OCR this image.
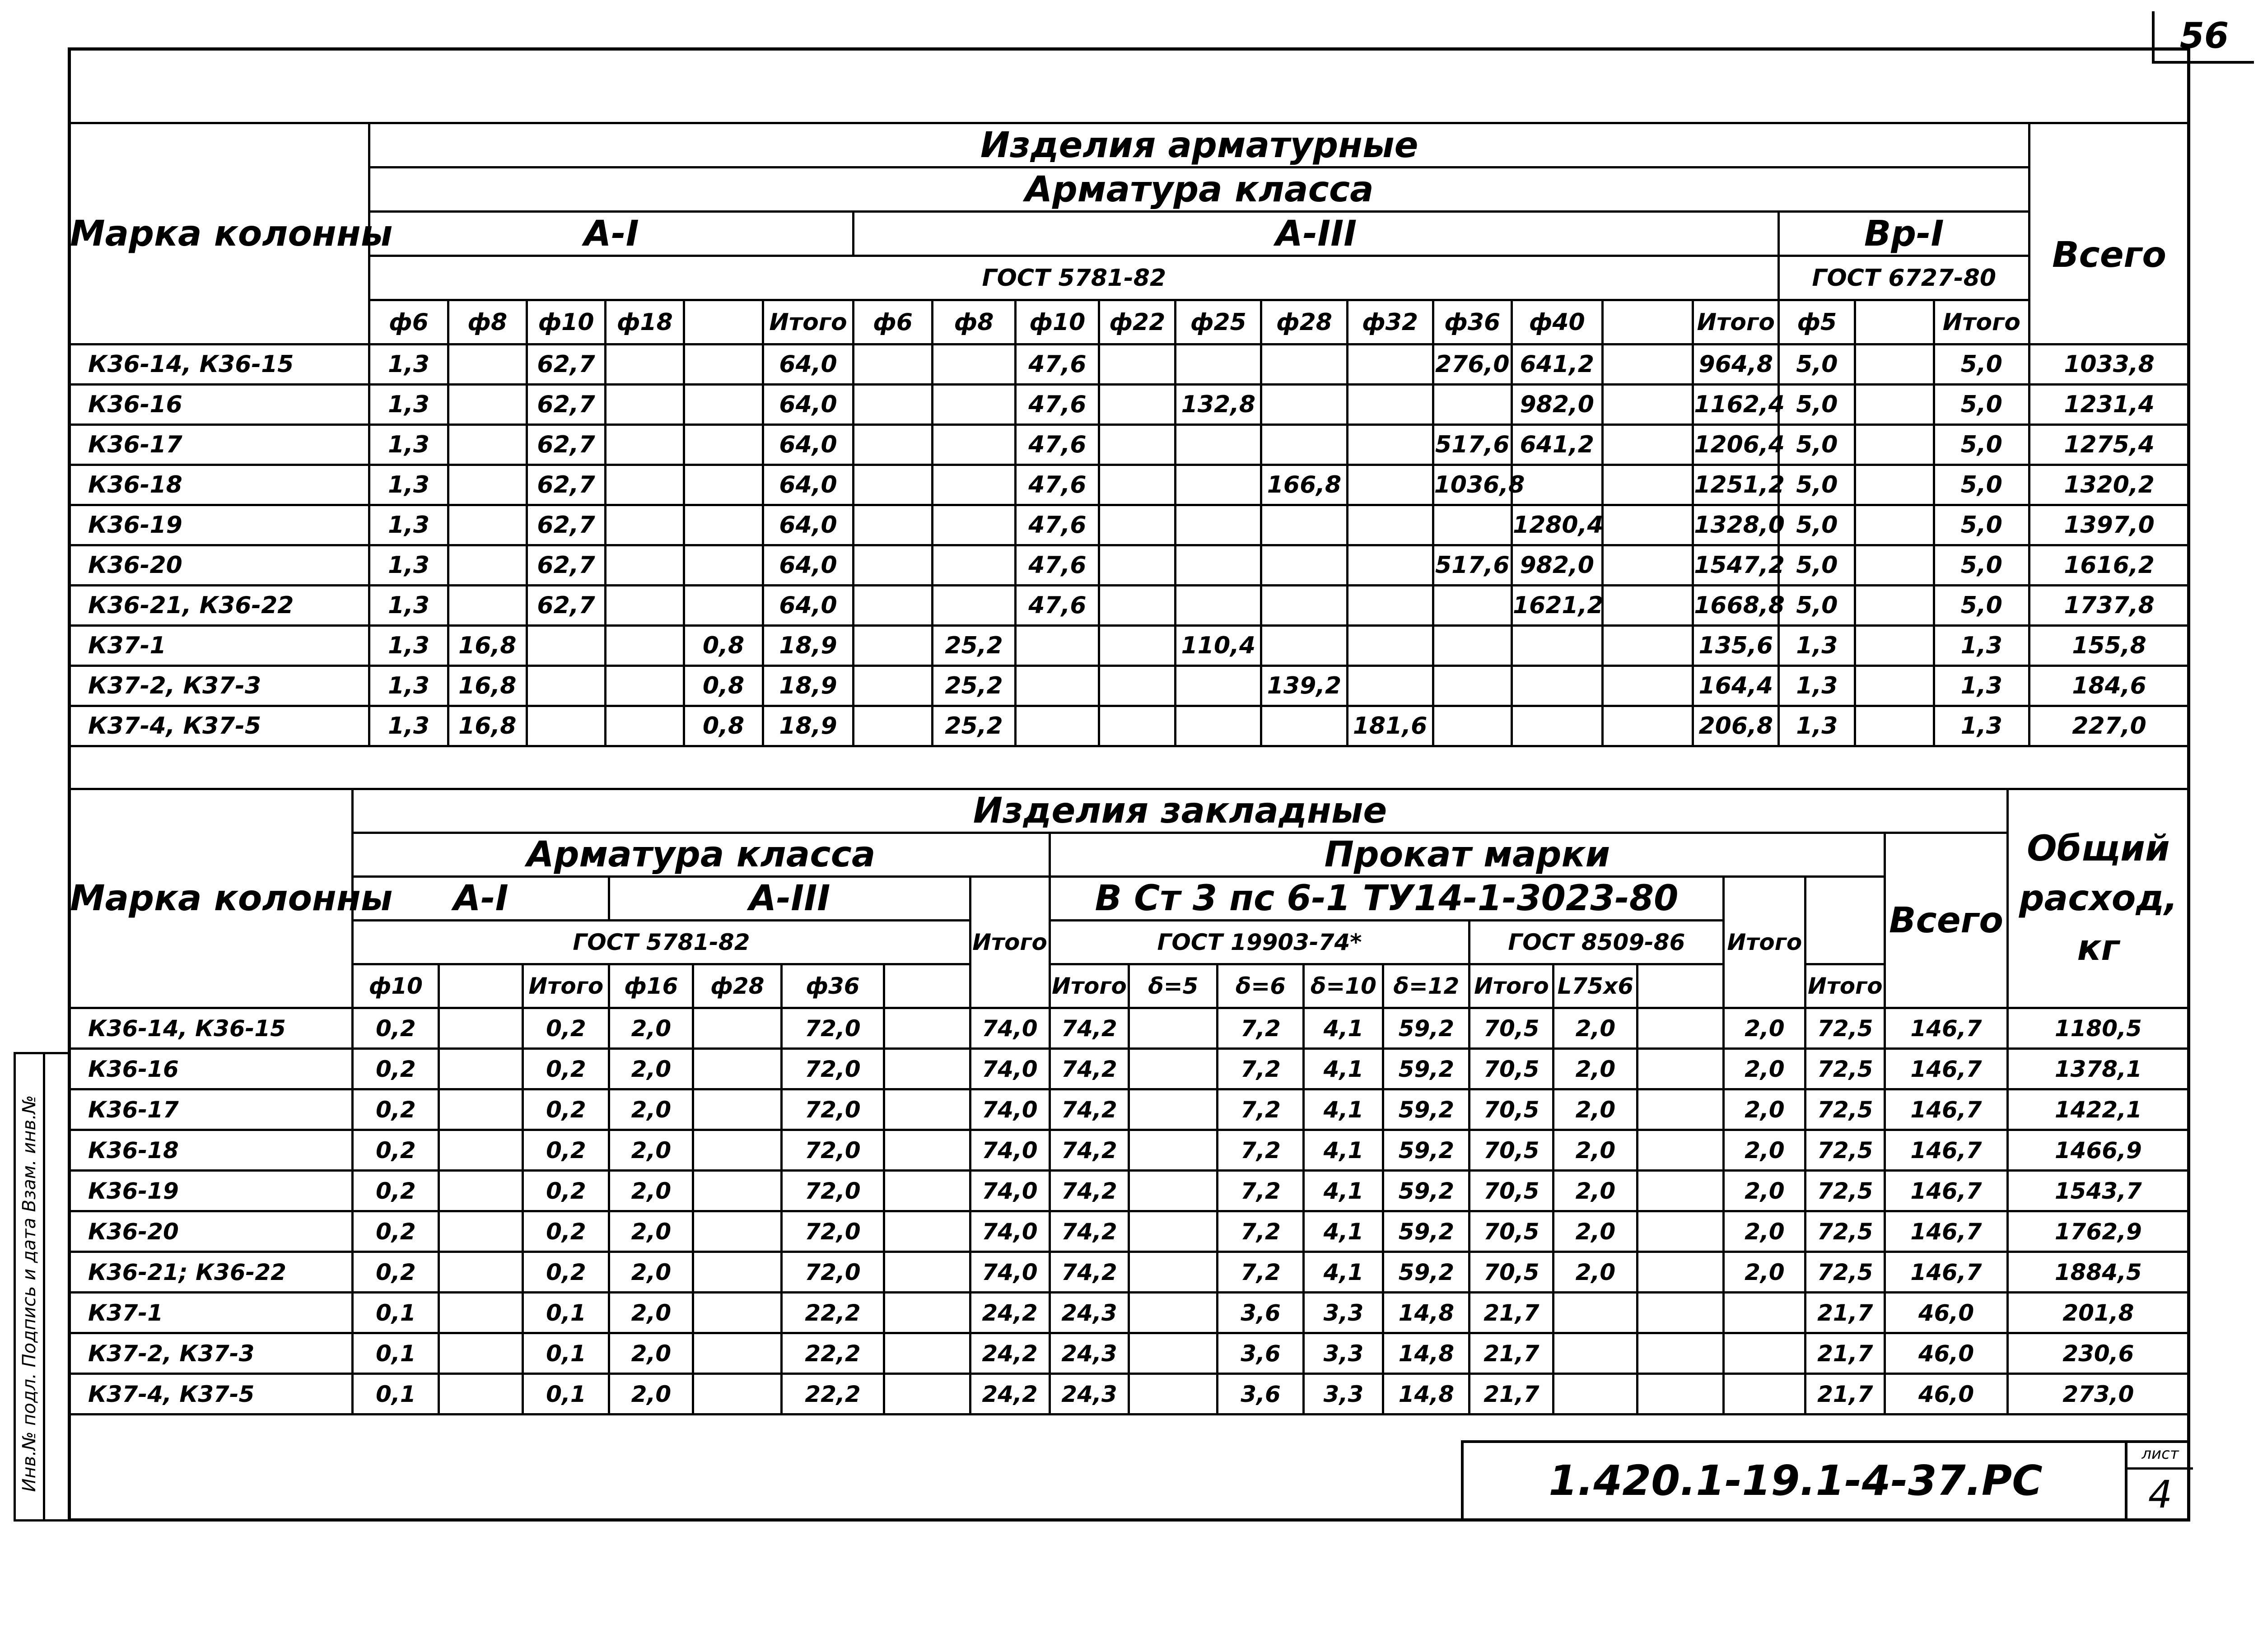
56
Марка колонны	Изделия арматурные																				
	Арматура класса																				Всего
	А-I						А-III											Вр-I			
	ГОСТ 5781-82																	ГОСТ 6727-80			
	ф6	ф8	ф10	ф18		Итого	ф6	ф8	ф10	ф22	ф25	ф28	ф32	ф36	ф40		Итого	ф5		Итого	
К36-14, К36-15	1,3		62,7			64,0			47,6					276,0	641,2		964,8	5,0		5,0	1033,8
К36-16	1,3		62,7			64,0			47,6		132,8				982,0		1162,4	5,0		5,0	1231,4
К36-17	1,3		62,7			64,0			47,6					517,6	641,2		1206,4	5,0		5,0	1275,4
К36-18	1,3		62,7			64,0			47,6			166,8		1036,8			1251,2	5,0		5,0	1320,2
К36-19	1,3		62,7			64,0			47,6						1280,4		1328,0	5,0		5,0	1397,0
К36-20	1,3		62,7			64,0			47,6					517,6	982,0		1547,2	5,0		5,0	1616,2
К36-21, К36-22	1,3		62,7			64,0			47,6						1621,2		1668,8	5,0		5,0	1737,8
К37-1	1,3	16,8			0,8	18,9		25,2			110,4						135,6	1,3		1,3	155,8
К37-2, К37-3	1,3	16,8			0,8	18,9		25,2				139,2					164,4	1,3		1,3	184,6
К37-4, К37-5	1,3	16,8			0,8	18,9		25,2					181,6				206,8	1,3		1,3	227,0
Марка колонны	Изделия закладные																			Общий расход, кг
	Арматура класса								Прокат марки										Всего	
	А-I			А-III				Итого	В Ст 3 пс 6-1 ТУ14-1-3023-80								Итого			
	ГОСТ 5781-82								ГОСТ 19903-74*					ГОСТ 8509-86						
	ф10		Итого	ф16	ф28	ф36			Итого	δ=5	δ=6	δ=10	δ=12	Итого	L75x6			Итого		
К36-14, К36-15	0,2		0,2	2,0		72,0		74,0	74,2		7,2	4,1	59,2	70,5	2,0		2,0	72,5	146,7	1180,5
К36-16	0,2		0,2	2,0		72,0		74,0	74,2		7,2	4,1	59,2	70,5	2,0		2,0	72,5	146,7	1378,1
К36-17	0,2		0,2	2,0		72,0		74,0	74,2		7,2	4,1	59,2	70,5	2,0		2,0	72,5	146,7	1422,1
К36-18	0,2		0,2	2,0		72,0		74,0	74,2		7,2	4,1	59,2	70,5	2,0		2,0	72,5	146,7	1466,9
К36-19	0,2		0,2	2,0		72,0		74,0	74,2		7,2	4,1	59,2	70,5	2,0		2,0	72,5	146,7	1543,7
К36-20	0,2		0,2	2,0		72,0		74,0	74,2		7,2	4,1	59,2	70,5	2,0		2,0	72,5	146,7	1762,9
К36-21; К36-22	0,2		0,2	2,0		72,0		74,0	74,2		7,2	4,1	59,2	70,5	2,0		2,0	72,5	146,7	1884,5
К37-1	0,1		0,1	2,0		22,2		24,2	24,3		3,6	3,3	14,8	21,7				21,7	46,0	201,8
К37-2, К37-3	0,1		0,1	2,0		22,2		24,2	24,3		3,6	3,3	14,8	21,7				21,7	46,0	230,6
К37-4, К37-5	0,1		0,1	2,0		22,2		24,2	24,3		3,6	3,3	14,8	21,7				21,7	46,0	273,0
Инв.№ подл. Подпись и дата Взам. инв.№	1.420.1-19.1-4-37.PC
лист
4
